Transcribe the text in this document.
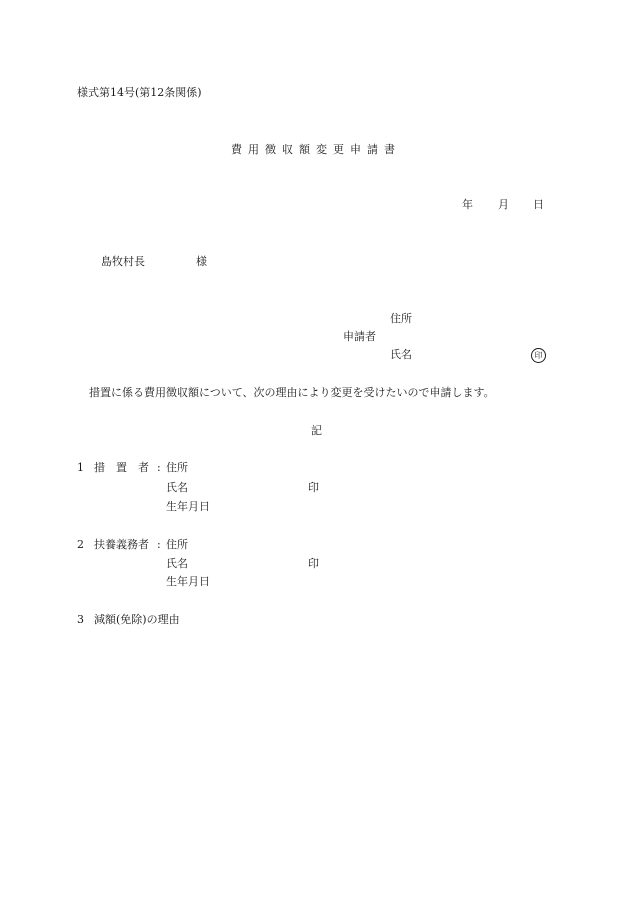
様式第14号(第12条関係)
費用徴収額変更申請書
年 月 日
島牧村長	様
住所
申請者
氏名	印
措置に係る費用徴収額について、次の理由により変更を受けたいので申請します。
記
1 措　置　者 : 住所
氏名	印
生年月日
2 扶養義務者 : 住所
氏名	印
生年月日
3 減額(免除)の理由
